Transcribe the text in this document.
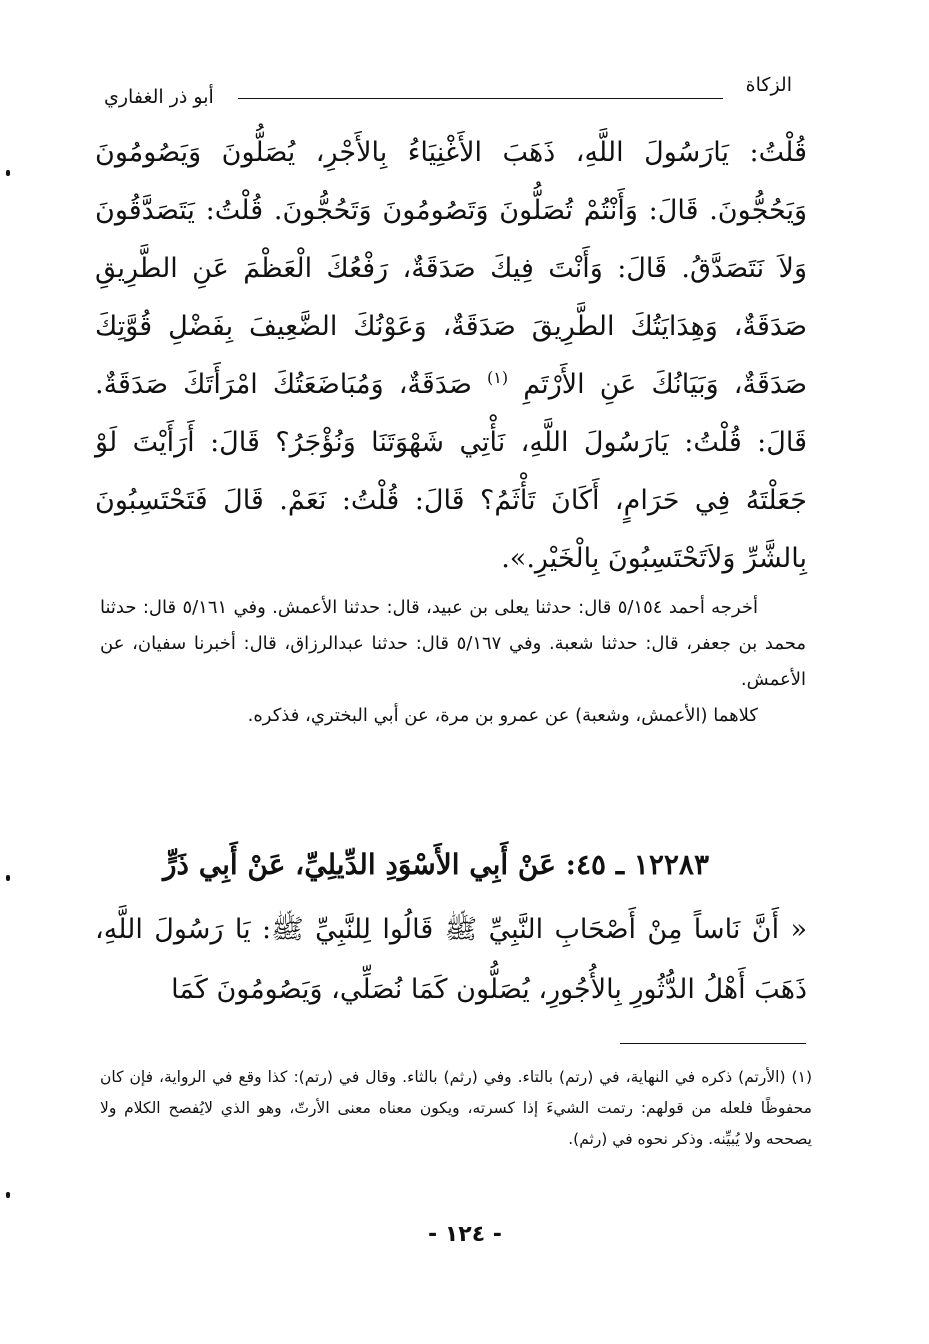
الزكاة
أبو ذر الغفاري

قُلْتُ: يَارَسُولَ اللَّهِ، ذَهَبَ الأَغْنِيَاءُ بِالأَجْرِ، يُصَلُّونَ وَيَصُومُونَ وَيَحُجُّونَ. قَالَ: وَأَنْتُمْ تُصَلُّونَ وَتَصُومُونَ وَتَحُجُّونَ. قُلْتُ: يَتَصَدَّقُونَ وَلاَ نَتَصَدَّقُ. قَالَ: وَأَنْتَ فِيكَ صَدَقَةٌ، رَفْعُكَ الْعَظْمَ عَنِ الطَّرِيقِ صَدَقَةٌ، وَهِدَايَتُكَ الطَّرِيقَ صَدَقَةٌ، وَعَوْنُكَ الضَّعِيفَ بِفَضْلِ قُوَّتِكَ صَدَقَةٌ، وَبَيَانُكَ عَنِ الأَرْتَمِ $^{(١)}$ صَدَقَةٌ، وَمُبَاضَعَتُكَ امْرَأَتَكَ صَدَقَةٌ. قَالَ: قُلْتُ: يَارَسُولَ اللَّهِ، نَأْتِي شَهْوَتَنَا وَنُؤْجَرُ؟ قَالَ: أَرَأَيْتَ لَوْ جَعَلْتَهُ فِي حَرَامٍ، أَكَانَ تَأْثَمُ؟ قَالَ: قُلْتُ: نَعَمْ. قَالَ فَتَحْتَسِبُونَ بِالشَّرِّ وَلاَتَحْتَسِبُونَ بِالْخَيْرِ.».

أخرجه أحمد ٥/١٥٤ قال: حدثنا يعلى بن عبيد، قال: حدثنا الأعمش. وفي ٥/١٦١ قال: حدثنا محمد بن جعفر، قال: حدثنا شعبة. وفي ٥/١٦٧ قال: حدثنا عبدالرزاق، قال: أخبرنا سفيان، عن الأعمش.

كلاهما (الأعمش، وشعبة) عن عمرو بن مرة، عن أبي البختري، فذكره.

١٢٢٨٣ ـ ٤٥: عَنْ أَبِي الأَسْوَدِ الدِّيلِيِّ، عَنْ أَبِي ذَرٍّ

« أَنَّ نَاساً مِنْ أَصْحَابِ النَّبِيِّ ﷺ قَالُوا لِلنَّبِيِّ ﷺ: يَا رَسُولَ اللَّهِ، ذَهَبَ أَهْلُ الدُّثُورِ بِالأُجُورِ، يُصَلُّون كَمَا نُصَلِّي، وَيَصُومُونَ كَمَا

(١) (الأرتم) ذكره في النهاية، في (رتم) بالتاء. وفي (رثم) بالثاء. وقال في (رتم): كذا وقع في الرواية، فإن كان محفوظًا فلعله من قولهم: رتمت الشيءَ إذا كسرته، ويكون معناه معنى الأرتّ، وهو الذي لايُفصح الكلام ولا يصححه ولا يُبيِّنه. وذكر نحوه في (رثم).

- ١٢٤ -
